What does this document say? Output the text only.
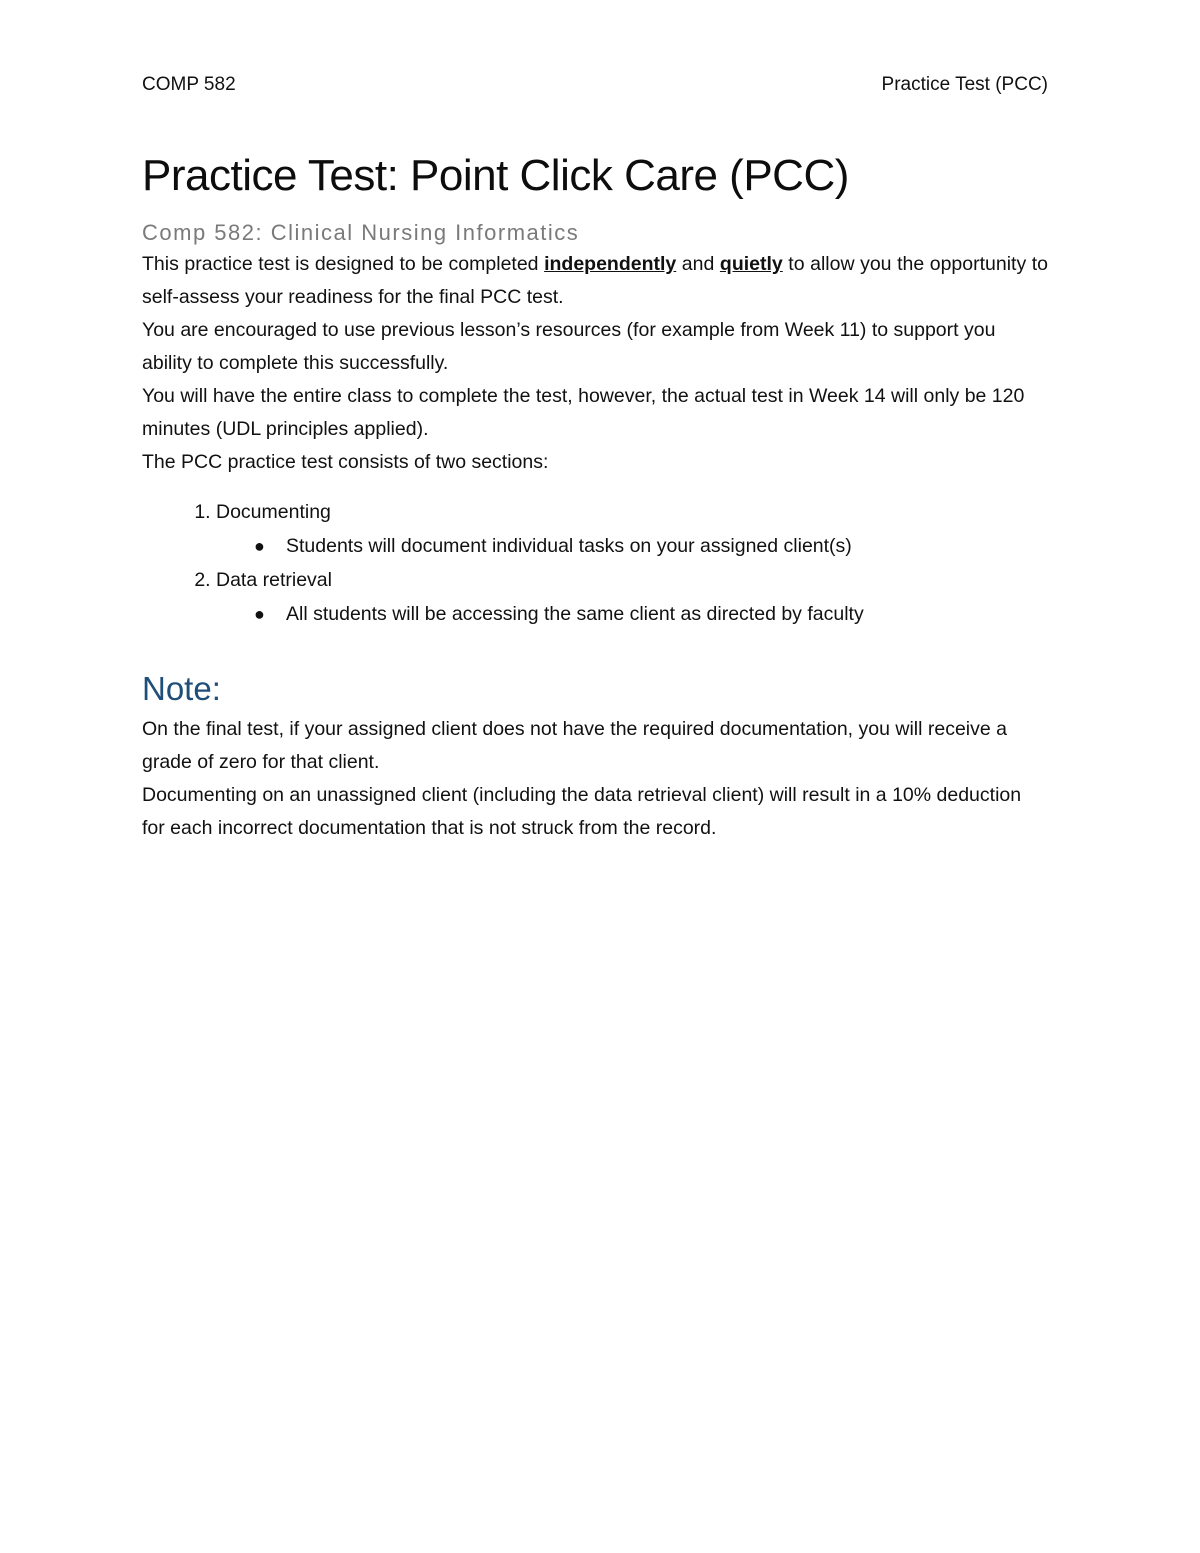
COMP 582	Practice Test (PCC)
Practice Test: Point Click Care (PCC)
Comp 582: Clinical Nursing Informatics

This practice test is designed to be completed independently and quietly to allow you the opportunity to self-assess your readiness for the final PCC test.

You are encouraged to use previous lesson’s resources (for example from Week 11) to support you ability to complete this successfully.

You will have the entire class to complete the test, however, the actual test in Week 14 will only be 120 minutes (UDL principles applied).

The PCC practice test consists of two sections:

1. Documenting
● Students will document individual tasks on your assigned client(s)
2. Data retrieval
● All students will be accessing the same client as directed by faculty
Note:

On the final test, if your assigned client does not have the required documentation, you will receive a grade of zero for that client.

Documenting on an unassigned client (including the data retrieval client) will result in a 10% deduction for each incorrect documentation that is not struck from the record.
